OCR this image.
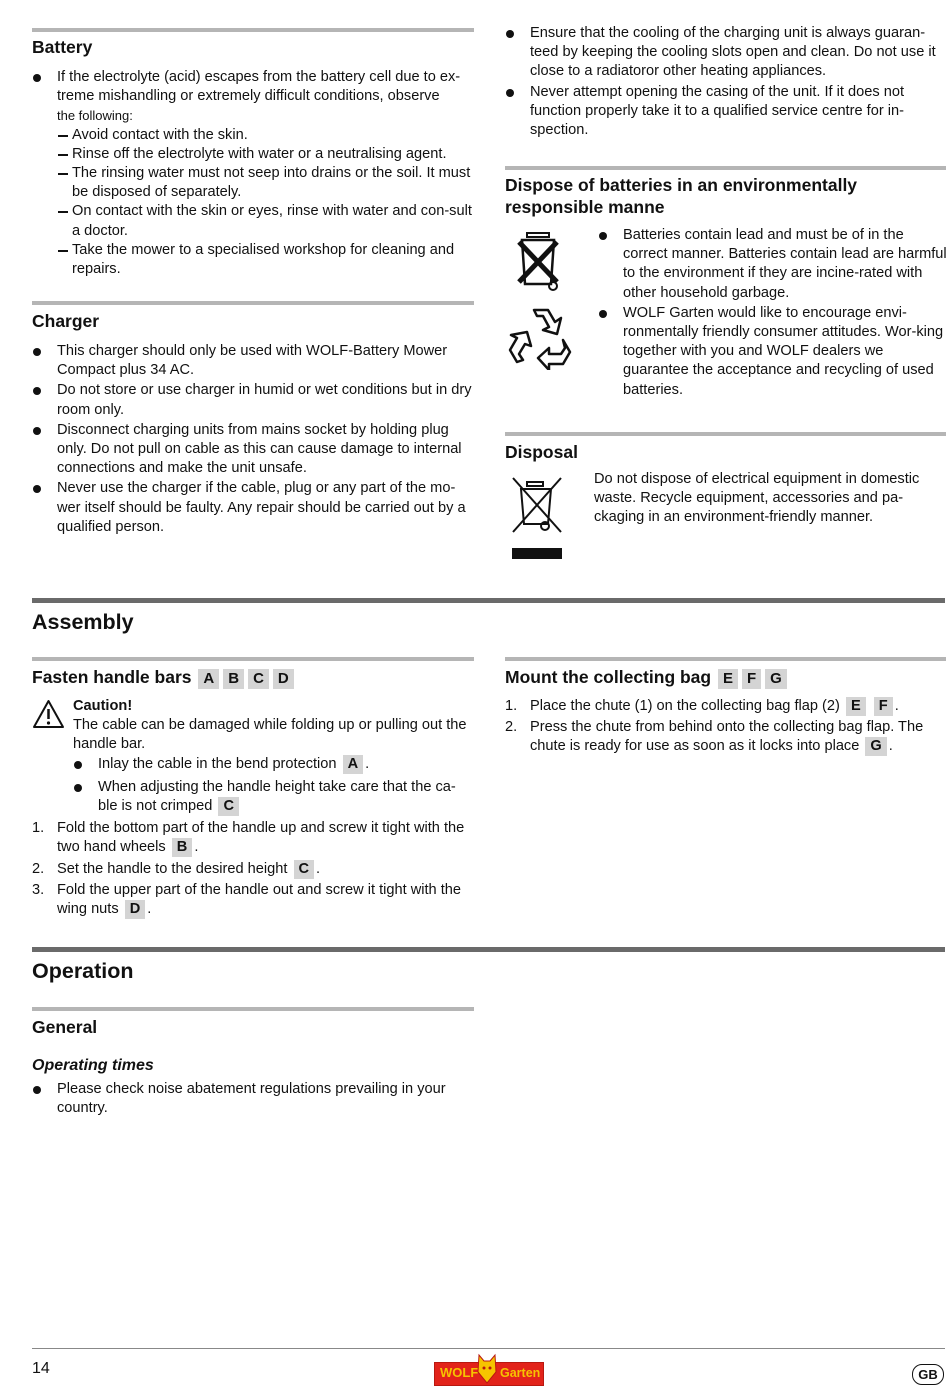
Battery
If the electrolyte (acid) escapes from the battery cell due to ex-treme mishandling or extremely difficult conditions, observe
the following:
Avoid contact with the skin.
Rinse off the electrolyte with water or a neutralising agent.
The rinsing water must not seep into drains or the soil. It must be disposed of separately.
On contact with the skin or eyes, rinse with water and con-sult a doctor.
Take the mower to a specialised workshop for cleaning and repairs.
Charger
This charger should only be used with WOLF-Battery Mower Compact plus 34 AC.
Do not store or use charger in humid or wet conditions but in dry room only.
Disconnect charging units from mains socket by holding plug only. Do not pull on cable as this can cause damage to internal connections and make the unit unsafe.
Never use the charger if the cable, plug or any part of the mo-wer itself should be faulty. Any repair should be carried out by a qualified person.
Ensure that the cooling of the charging unit is always guaran-teed by keeping the cooling slots open and clean. Do not use it close to a radiatoror other heating appliances.
Never attempt opening the casing of the unit. If it does not function properly take it to a qualified service centre for in-spection.
Dispose of batteries in an environmentally responsible manne
Batteries contain lead and must be of in the correct manner. Batteries contain lead are harmful to the environment if they are incine-rated with other household garbage.
WOLF Garten would like to encourage envi-ronmentally friendly consumer attitudes. Wor-king together with you and WOLF dealers we guarantee the acceptance and recycling of used batteries.
Disposal
Do not dispose of electrical equipment in domestic waste. Recycle equipment, accessories and pa-ckaging in an environment-friendly manner.
Assembly
Fasten handle bars A B C D
Caution!
The cable can be damaged while folding up or pulling out the handle bar.
Inlay the cable in the bend protection A .
When adjusting the handle height take care that the ca-ble is not crimped C
1. Fold the bottom part of the handle up and screw it tight with the two hand wheels B .
2. Set the handle to the desired height C .
3. Fold the upper part of the handle out and screw it tight with the wing nuts D .
Mount the collecting bag E F G
1. Place the chute (1) on the collecting bag flap (2) E F .
2. Press the chute from behind onto the collecting bag flap. The chute is ready for use as soon as it locks into place G .
Operation
General
Operating times
Please check noise abatement regulations prevailing in your country.
14	WOLF Garten	GB
